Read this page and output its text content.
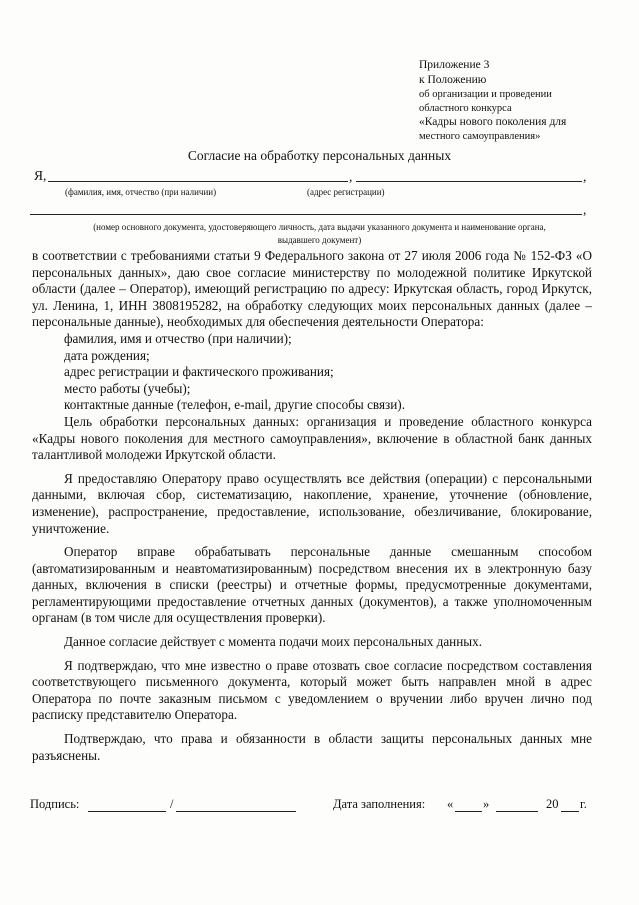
Приложение 3
к Положению
об организации и проведении
областного конкурса
«Кадры нового поколения для
местного самоуправления»
Согласие на обработку персональных данных
Я,	,	,
(фамилия, имя, отчество (при наличии)	(адрес регистрации)
,
(номер основного документа, удостоверяющего личность, дата выдачи указанного документа и наименование органа,
выдавшего документ)

в соответствии с требованиями статьи 9 Федерального закона от 27 июля 2006 года № 152-ФЗ «О персональных данных», даю свое согласие министерству по молодежной политике Иркутской области (далее – Оператор), имеющий регистрацию по адресу: Иркутская область, город Иркутск, ул. Ленина, 1, ИНН 3808195282, на обработку следующих моих персональных данных (далее – персональные данные), необходимых для обеспечения деятельности Оператора:

фамилия, имя и отчество (при наличии);

дата рождения;

адрес регистрации и фактического проживания;

место работы (учебы);

контактные данные (телефон, e-mail, другие способы связи).

Цель обработки персональных данных: организация и проведение областного конкурса «Кадры нового поколения для местного самоуправления», включение в областной банк данных талантливой молодежи Иркутской области.

Я предоставляю Оператору право осуществлять все действия (операции) с персональными данными, включая сбор, систематизацию, накопление, хранение, уточнение (обновление, изменение), распространение, предоставление, использование, обезличивание, блокирование, уничтожение.

Оператор вправе обрабатывать персональные данные смешанным способом (автоматизированным и неавтоматизированным) посредством внесения их в электронную базу данных, включения в списки (реестры) и отчетные формы, предусмотренные документами, регламентирующими предоставление отчетных данных (документов), а также уполномоченным органам (в том числе для осуществления проверки).

Данное согласие действует с момента подачи моих персональных данных.

Я подтверждаю, что мне известно о праве отозвать свое согласие посредством составления соответствующего письменного документа, который может быть направлен мной в адрес Оператора по почте заказным письмом с уведомлением о вручении либо вручен лично под расписку представителю Оператора.

Подтверждаю, что права и обязанности в области защиты персональных данных мне разъяснены.

Подпись:	/	Дата заполнения: « »	20 г.
